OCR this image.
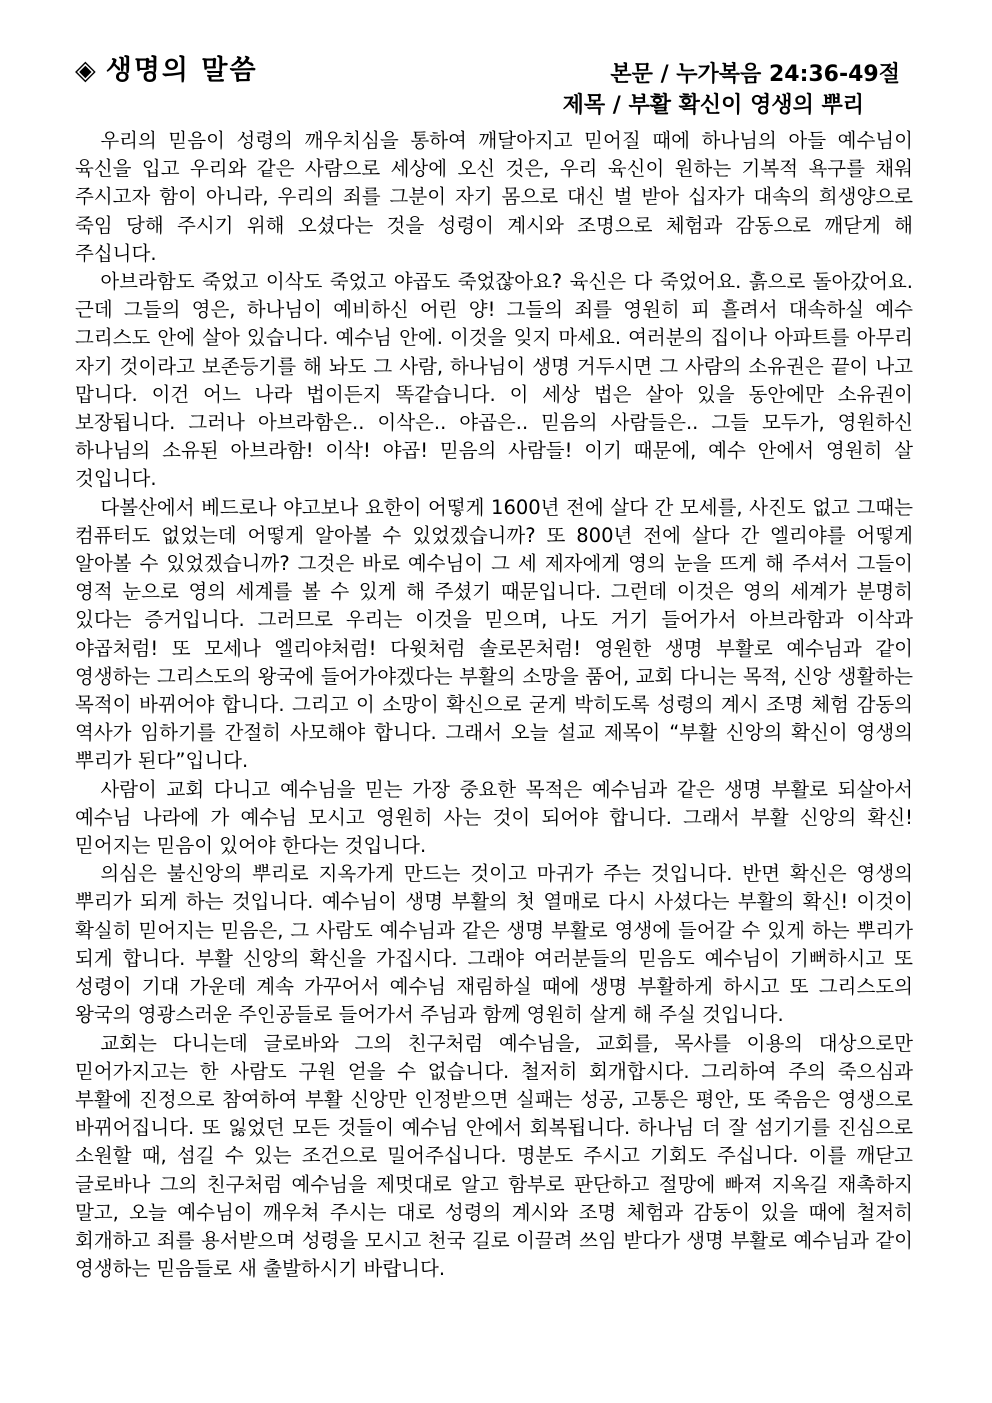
◈ 생명의 말씀	본문 / 누가복음 24:36-49절
제목 / 부활 확신이 영생의 뿌리

우리의 믿음이 성령의 깨우치심을 통하여 깨달아지고 믿어질 때에 하나님의 아들 예수님이 육신을 입고 우리와 같은 사람으로 세상에 오신 것은, 우리 육신이 원하는 기복적 욕구를 채워 주시고자 함이 아니라, 우리의 죄를 그분이 자기 몸으로 대신 벌 받아 십자가 대속의 희생양으로 죽임 당해 주시기 위해 오셨다는 것을 성령이 계시와 조명으로 체험과 감동으로 깨닫게 해 주십니다.

아브라함도 죽었고 이삭도 죽었고 야곱도 죽었잖아요? 육신은 다 죽었어요. 흙으로 돌아갔어요. 근데 그들의 영은, 하나님이 예비하신 어린 양! 그들의 죄를 영원히 피 흘려서 대속하실 예수 그리스도 안에 살아 있습니다. 예수님 안에. 이것을 잊지 마세요. 여러분의 집이나 아파트를 아무리 자기 것이라고 보존등기를 해 놔도 그 사람, 하나님이 생명 거두시면 그 사람의 소유권은 끝이 나고 맙니다. 이건 어느 나라 법이든지 똑같습니다. 이 세상 법은 살아 있을 동안에만 소유권이 보장됩니다. 그러나 아브라함은.. 이삭은.. 야곱은.. 믿음의 사람들은.. 그들 모두가, 영원하신 하나님의 소유된 아브라함! 이삭! 야곱! 믿음의 사람들! 이기 때문에, 예수 안에서 영원히 살 것입니다.

다볼산에서 베드로나 야고보나 요한이 어떻게 1600년 전에 살다 간 모세를, 사진도 없고 그때는 컴퓨터도 없었는데 어떻게 알아볼 수 있었겠습니까? 또 800년 전에 살다 간 엘리야를 어떻게 알아볼 수 있었겠습니까? 그것은 바로 예수님이 그 세 제자에게 영의 눈을 뜨게 해 주셔서 그들이 영적 눈으로 영의 세계를 볼 수 있게 해 주셨기 때문입니다. 그런데 이것은 영의 세계가 분명히 있다는 증거입니다. 그러므로 우리는 이것을 믿으며, 나도 거기 들어가서 아브라함과 이삭과 야곱처럼! 또 모세나 엘리야처럼! 다윗처럼 솔로몬처럼! 영원한 생명 부활로 예수님과 같이 영생하는 그리스도의 왕국에 들어가야겠다는 부활의 소망을 품어, 교회 다니는 목적, 신앙 생활하는 목적이 바뀌어야 합니다. 그리고 이 소망이 확신으로 굳게 박히도록 성령의 계시 조명 체험 감동의 역사가 임하기를 간절히 사모해야 합니다. 그래서 오늘 설교 제목이 “부활 신앙의 확신이 영생의 뿌리가 된다”입니다.

사람이 교회 다니고 예수님을 믿는 가장 중요한 목적은 예수님과 같은 생명 부활로 되살아서 예수님 나라에 가 예수님 모시고 영원히 사는 것이 되어야 합니다. 그래서 부활 신앙의 확신! 믿어지는 믿음이 있어야 한다는 것입니다.

의심은 불신앙의 뿌리로 지옥가게 만드는 것이고 마귀가 주는 것입니다. 반면 확신은 영생의 뿌리가 되게 하는 것입니다. 예수님이 생명 부활의 첫 열매로 다시 사셨다는 부활의 확신! 이것이 확실히 믿어지는 믿음은, 그 사람도 예수님과 같은 생명 부활로 영생에 들어갈 수 있게 하는 뿌리가 되게 합니다. 부활 신앙의 확신을 가집시다. 그래야 여러분들의 믿음도 예수님이 기뻐하시고 또 성령이 기대 가운데 계속 가꾸어서 예수님 재림하실 때에 생명 부활하게 하시고 또 그리스도의 왕국의 영광스러운 주인공들로 들어가서 주님과 함께 영원히 살게 해 주실 것입니다.

교회는 다니는데 글로바와 그의 친구처럼 예수님을, 교회를, 목사를 이용의 대상으로만 믿어가지고는 한 사람도 구원 얻을 수 없습니다. 철저히 회개합시다. 그리하여 주의 죽으심과 부활에 진정으로 참여하여 부활 신앙만 인정받으면 실패는 성공, 고통은 평안, 또 죽음은 영생으로 바뀌어집니다. 또 잃었던 모든 것들이 예수님 안에서 회복됩니다. 하나님 더 잘 섬기기를 진심으로 소원할 때, 섬길 수 있는 조건으로 밀어주십니다. 명분도 주시고 기회도 주십니다. 이를 깨닫고 글로바나 그의 친구처럼 예수님을 제멋대로 알고 함부로 판단하고 절망에 빠져 지옥길 재촉하지 말고, 오늘 예수님이 깨우쳐 주시는 대로 성령의 계시와 조명 체험과 감동이 있을 때에 철저히 회개하고 죄를 용서받으며 성령을 모시고 천국 길로 이끌려 쓰임 받다가 생명 부활로 예수님과 같이 영생하는 믿음들로 새 출발하시기 바랍니다.
